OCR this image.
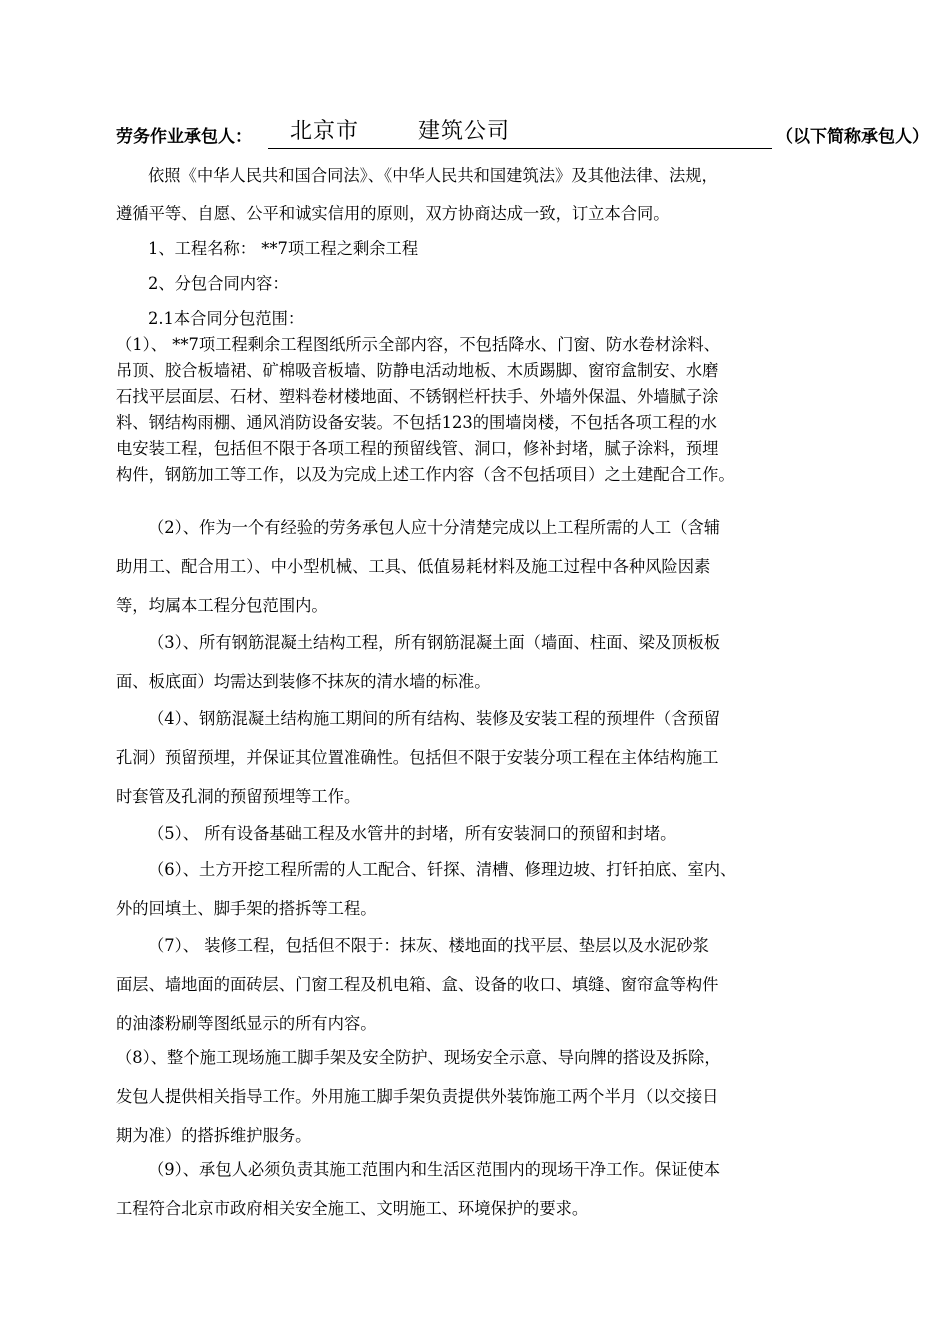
劳务作业承包人： 北京市	建筑公司	（以下简称承包人）
依照《中华人民共和国合同法》、《中华人民共和国建筑法》及其他法律、法规，
遵循平等、自愿、公平和诚实信用的原则，双方协商达成一致，订立本合同。
1、工程名称： **7项工程之剩余工程
2、分包合同内容：
2.1本合同分包范围：
（1）、 **7项工程剩余工程图纸所示全部内容，不包括降水、门窗、防水卷材涂料、
吊顶、胶合板墙裙、矿棉吸音板墙、防静电活动地板、木质踢脚、窗帘盒制安、水磨
石找平层面层、石材、塑料卷材楼地面、不锈钢栏杆扶手、外墙外保温、外墙腻子涂
料、钢结构雨棚、通风消防设备安装。不包括123的围墙岗楼，不包括各项工程的水
电安装工程，包括但不限于各项工程的预留线管、洞口，修补封堵，腻子涂料，预埋
构件，钢筋加工等工作，以及为完成上述工作内容（含不包括项目）之土建配合工作。
（2）、作为一个有经验的劳务承包人应十分清楚完成以上工程所需的人工（含辅
助用工、配合用工）、中小型机械、工具、低值易耗材料及施工过程中各种风险因素
等，均属本工程分包范围内。
（3）、所有钢筋混凝土结构工程，所有钢筋混凝土面（墙面、柱面、梁及顶板板
面、板底面）均需达到装修不抹灰的清水墙的标准。
（4）、钢筋混凝土结构施工期间的所有结构、装修及安装工程的预埋件（含预留
孔洞）预留预埋，并保证其位置准确性。包括但不限于安装分项工程在主体结构施工
时套管及孔洞的预留预埋等工作。
（5）、 所有设备基础工程及水管井的封堵，所有安装洞口的预留和封堵。
（6）、土方开挖工程所需的人工配合、钎探、清槽、修理边坡、打钎拍底、室内、
外的回填土、脚手架的搭拆等工程。
（7）、 装修工程，包括但不限于：抹灰、楼地面的找平层、垫层以及水泥砂浆
面层、墙地面的面砖层、门窗工程及机电箱、盒、设备的收口、填缝、窗帘盒等构件
的油漆粉刷等图纸显示的所有内容。
（8）、整个施工现场施工脚手架及安全防护、现场安全示意、导向牌的搭设及拆除，
发包人提供相关指导工作。外用施工脚手架负责提供外装饰施工两个半月（以交接日
期为准）的搭拆维护服务。
（9）、承包人必须负责其施工范围内和生活区范围内的现场干净工作。保证使本
工程符合北京市政府相关安全施工、文明施工、环境保护的要求。
